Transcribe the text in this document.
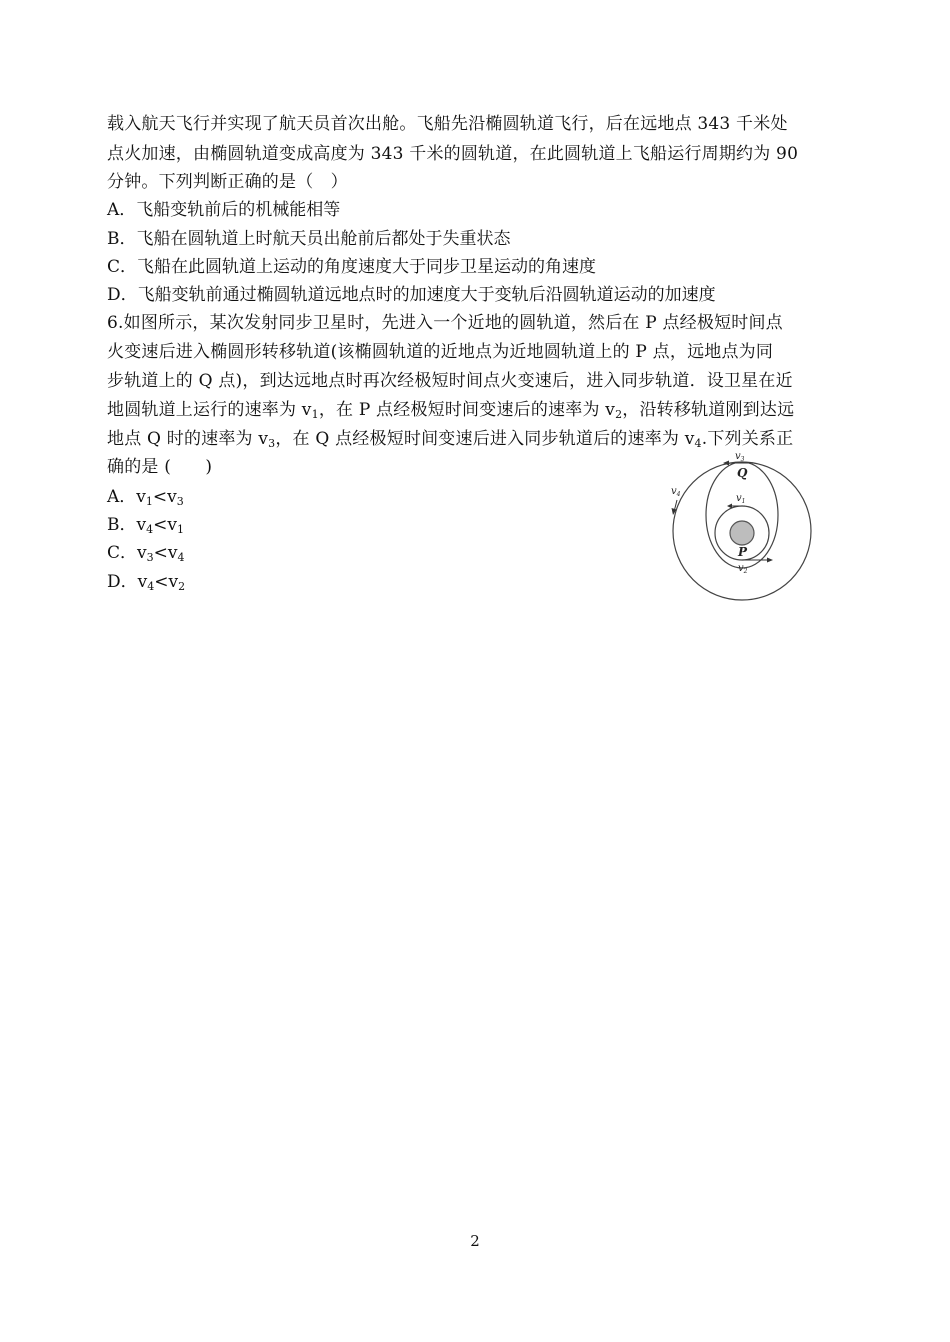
载入航天飞行并实现了航天员首次出舱。飞船先沿椭圆轨道飞行，后在远地点 343 千米处
点火加速，由椭圆轨道变成高度为 343 千米的圆轨道，在此圆轨道上飞船运行周期约为 90
分钟。下列判断正确的是（　）
A．飞船变轨前后的机械能相等
B．飞船在圆轨道上时航天员出舱前后都处于失重状态
C．飞船在此圆轨道上运动的角度速度大于同步卫星运动的角速度
D．飞船变轨前通过椭圆轨道远地点时的加速度大于变轨后沿圆轨道运动的加速度
6.如图所示，某次发射同步卫星时，先进入一个近地的圆轨道，然后在 P 点经极短时间点
火变速后进入椭圆形转移轨道(该椭圆轨道的近地点为近地圆轨道上的 P 点，远地点为同
步轨道上的 Q 点)，到达远地点时再次经极短时间点火变速后，进入同步轨道．设卫星在近
地圆轨道上运行的速率为 $v_1$，在 P 点经极短时间变速后的速率为 $v_2$，沿转移轨道刚到达远
地点 Q 时的速率为 $v_3$，在 Q 点经极短时间变速后进入同步轨道后的速率为 $v_4$.下列关系正
确的是 (　　)
A．$v_1<v_3$
B．$v_4<v_1$
C．$v_3<v_4$
D．$v_4<v_2$
$v_3$
Q
$v_1$
$v_4$
P
$v_2$
2
